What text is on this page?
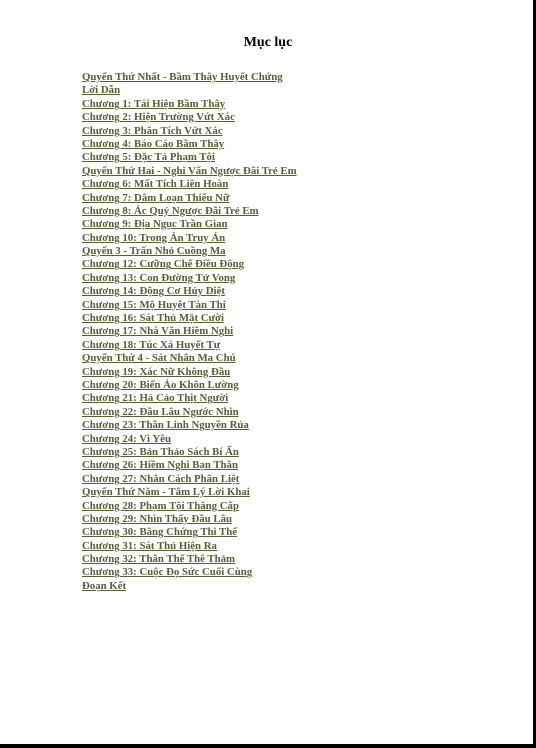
Mục lục
Quyển Thứ Nhất - Bầm Thây Huyết Chứng
Lời Dẫn
Chương 1: Tái Hiện Bầm Thây
Chương 2: Hiện Trường Vứt Xác
Chương 3: Phân Tích Vứt Xác
Chương 4: Báo Cáo Bầm Thây
Chương 5: Đặc Tả Phạm Tội
Quyển Thứ Hai - Nghi Vấn Ngược Đãi Trẻ Em
Chương 6: Mất Tích Liên Hoàn
Chương 7: Dâm Loạn Thiếu Nữ
Chương 8: Ác Quỷ Ngược Đãi Trẻ Em
Chương 9: Địa Ngục Trần Gian
Chương 10: Trong Án Truy Án
Quyển 3 - Trấn Nhỏ Cuồng Ma
Chương 12: Cưỡng Chế Điều Động
Chương 13: Con Đường Tử Vong
Chương 14: Động Cơ Hủy Diệt
Chương 15: Mộ Huyệt Tàn Thi
Chương 16: Sát Thủ Mặt Cười
Chương 17: Nhà Văn Hiềm Nghi
Chương 18: Túc Xá Huyết Tự
Quyển Thứ 4 - Sát Nhân Ma Chú
Chương 19: Xác Nữ Không Đầu
Chương 20: Biến Ảo Khôn Lường
Chương 21: Hả Cảo Thịt Người
Chương 22: Đầu Lâu Ngước Nhìn
Chương 23: Thần Linh Nguyền Rủa
Chương 24: Vì Yêu
Chương 25: Bản Thảo Sách Bí Ẩn
Chương 26: Hiềm Nghi Bạn Thân
Chương 27: Nhân Cách Phân Liệt
Quyển Thứ Năm - Tâm Lý Lời Khai
Chương 28: Phạm Tội Thăng Cấp
Chương 29: Nhìn Thấy Đầu Lâu
Chương 30: Bằng Chứng Thi Thể
Chương 31: Sát Thủ Hiện Ra
Chương 32: Thân Thể Thê Thảm
Chương 33: Cuộc Đọ Sức Cuối Cùng
Đoạn Kết
